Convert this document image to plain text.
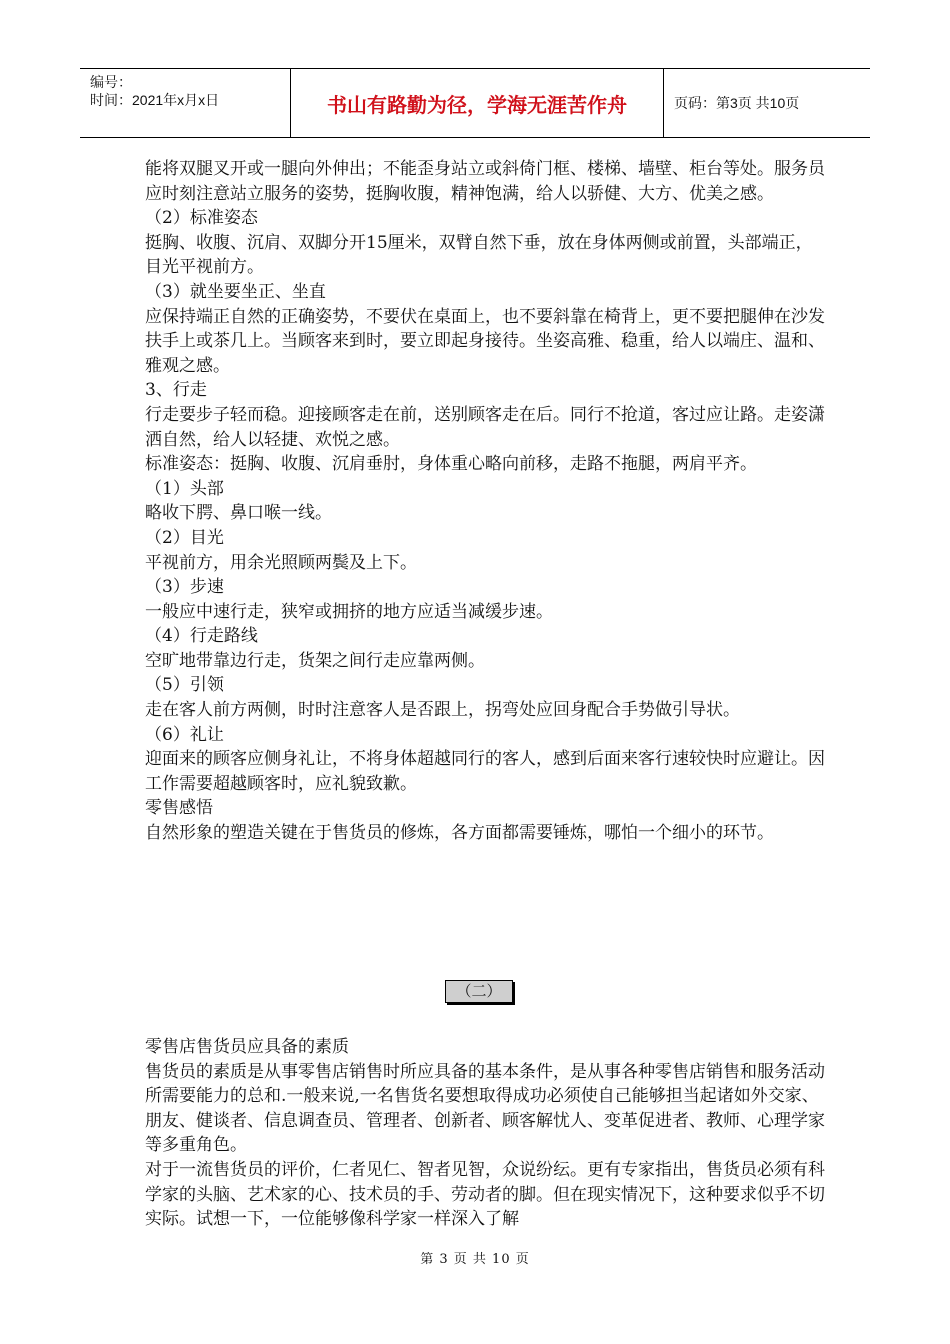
编号：
时间：2021年x月x日	书山有路勤为径，学海无涯苦作舟	页码：第3页 共10页

能将双腿叉开或一腿向外伸出；不能歪身站立或斜倚门框、楼梯、墙壁、柜台等处。服务员应时刻注意站立服务的姿势，挺胸收腹，精神饱满，给人以骄健、大方、优美之感。

（2）标准姿态

挺胸、收腹、沉肩、双脚分开15厘米，双臂自然下垂，放在身体两侧或前置，头部端正，目光平视前方。

（3）就坐要坐正、坐直

应保持端正自然的正确姿势，不要伏在桌面上，也不要斜靠在椅背上，更不要把腿伸在沙发扶手上或茶几上。当顾客来到时，要立即起身接待。坐姿高雅、稳重，给人以端庄、温和、雅观之感。

3、行走

行走要步子轻而稳。迎接顾客走在前，送别顾客走在后。同行不抢道，客过应让路。走姿潇洒自然，给人以轻捷、欢悦之感。

标准姿态：挺胸、收腹、沉肩垂肘，身体重心略向前移，走路不拖腿，两肩平齐。

（1）头部

略收下腭、鼻口喉一线。

（2）目光

平视前方，用余光照顾两鬓及上下。

（3）步速

一般应中速行走，狭窄或拥挤的地方应适当减缓步速。

（4）行走路线

空旷地带靠边行走，货架之间行走应靠两侧。

（5）引领

走在客人前方两侧，时时注意客人是否跟上，拐弯处应回身配合手势做引导状。

（6）礼让

迎面来的顾客应侧身礼让，不将身体超越同行的客人，感到后面来客行速较快时应避让。因工作需要超越顾客时，应礼貌致歉。

零售感悟

自然形象的塑造关键在于售货员的修炼，各方面都需要锤炼，哪怕一个细小的环节。

（二）

零售店售货员应具备的素质

售货员的素质是从事零售店销售时所应具备的基本条件，是从事各种零售店销售和服务活动所需要能力的总和.一般来说,一名售货名要想取得成功必须使自己能够担当起诸如外交家、朋友、健谈者、信息调查员、管理者、创新者、顾客解忧人、变革促进者、教师、心理学家等多重角色。

对于一流售货员的评价，仁者见仁、智者见智，众说纷纭。更有专家指出，售货员必须有科学家的头脑、艺术家的心、技术员的手、劳动者的脚。但在现实情况下，这种要求似乎不切实际。试想一下，一位能够像科学家一样深入了解

第 3 页 共 10 页
